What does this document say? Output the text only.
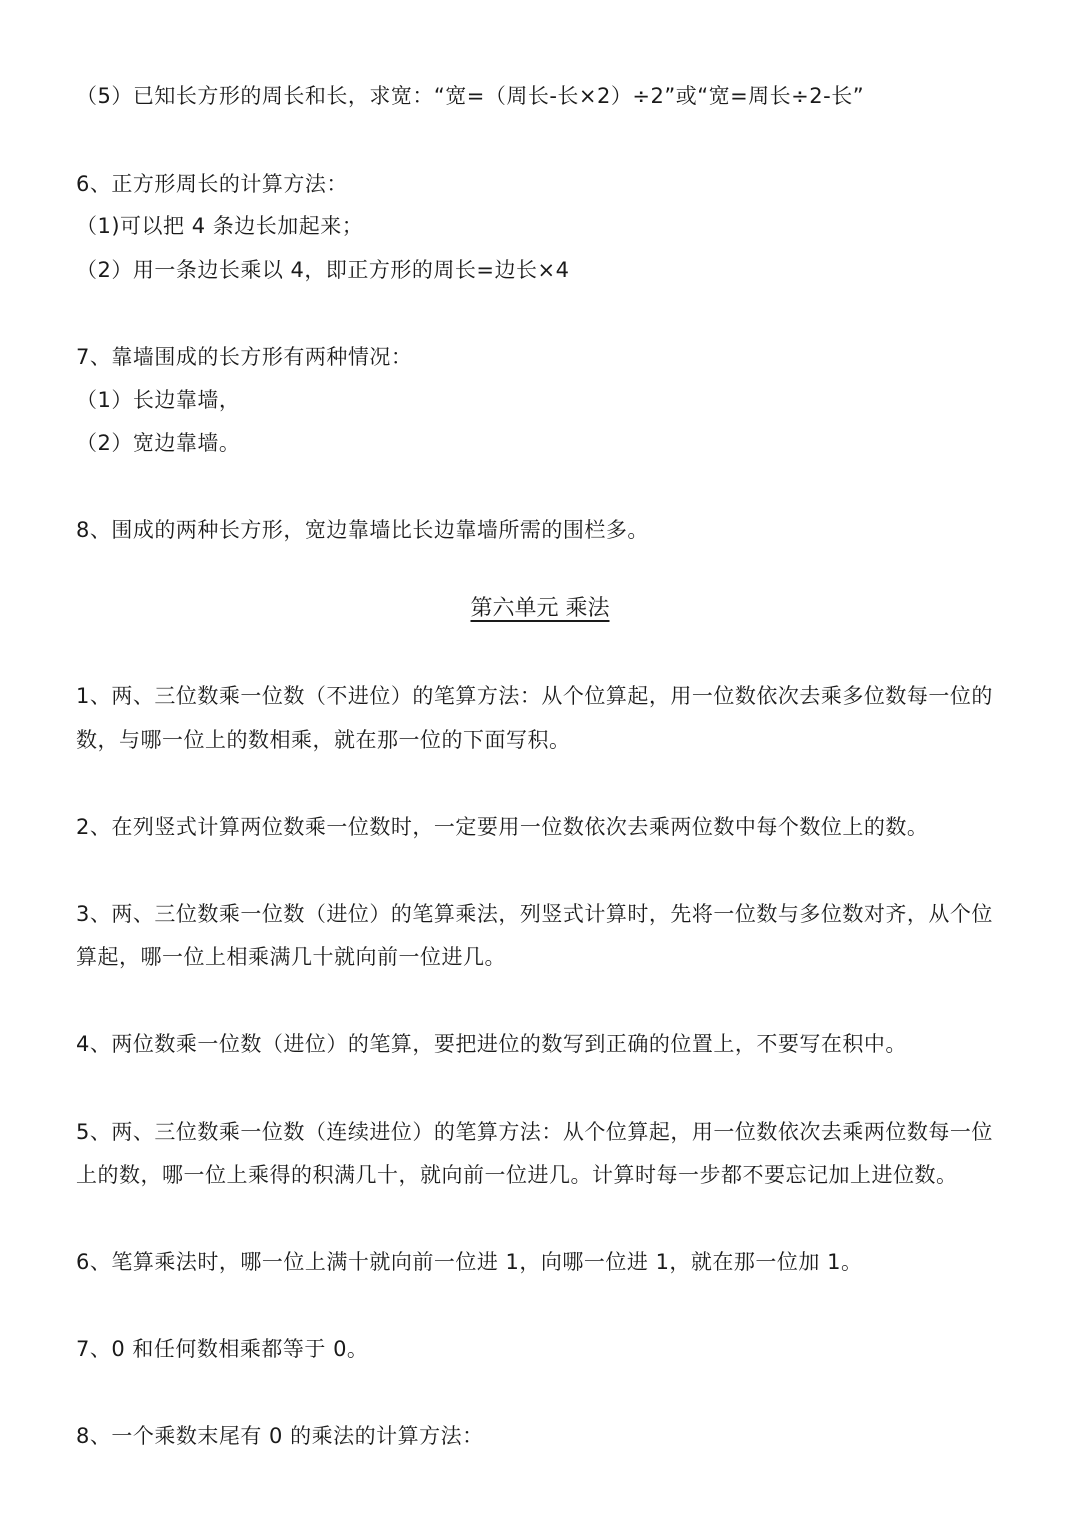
（5）已知长方形的周长和长，求宽：“宽=（周长-长×2）÷2”或“宽=周长÷2-长”
6、正方形周长的计算方法：
（1)可以把 4 条边长加起来；
（2）用一条边长乘以 4，即正方形的周长=边长×4
7、靠墙围成的长方形有两种情况：
（1）长边靠墙，
（2）宽边靠墙。
8、围成的两种长方形，宽边靠墙比长边靠墙所需的围栏多。
第六单元 乘法
1、两、三位数乘一位数（不进位）的笔算方法：从个位算起，用一位数依次去乘多位数每一位的
数，与哪一位上的数相乘，就在那一位的下面写积。
2、在列竖式计算两位数乘一位数时，一定要用一位数依次去乘两位数中每个数位上的数。
3、两、三位数乘一位数（进位）的笔算乘法，列竖式计算时，先将一位数与多位数对齐，从个位
算起，哪一位上相乘满几十就向前一位进几。
4、两位数乘一位数（进位）的笔算，要把进位的数写到正确的位置上，不要写在积中。
5、两、三位数乘一位数（连续进位）的笔算方法：从个位算起，用一位数依次去乘两位数每一位
上的数，哪一位上乘得的积满几十，就向前一位进几。计算时每一步都不要忘记加上进位数。
6、笔算乘法时，哪一位上满十就向前一位进 1，向哪一位进 1，就在那一位加 1。
7、0 和任何数相乘都等于 0。
8、一个乘数末尾有 0 的乘法的计算方法：
